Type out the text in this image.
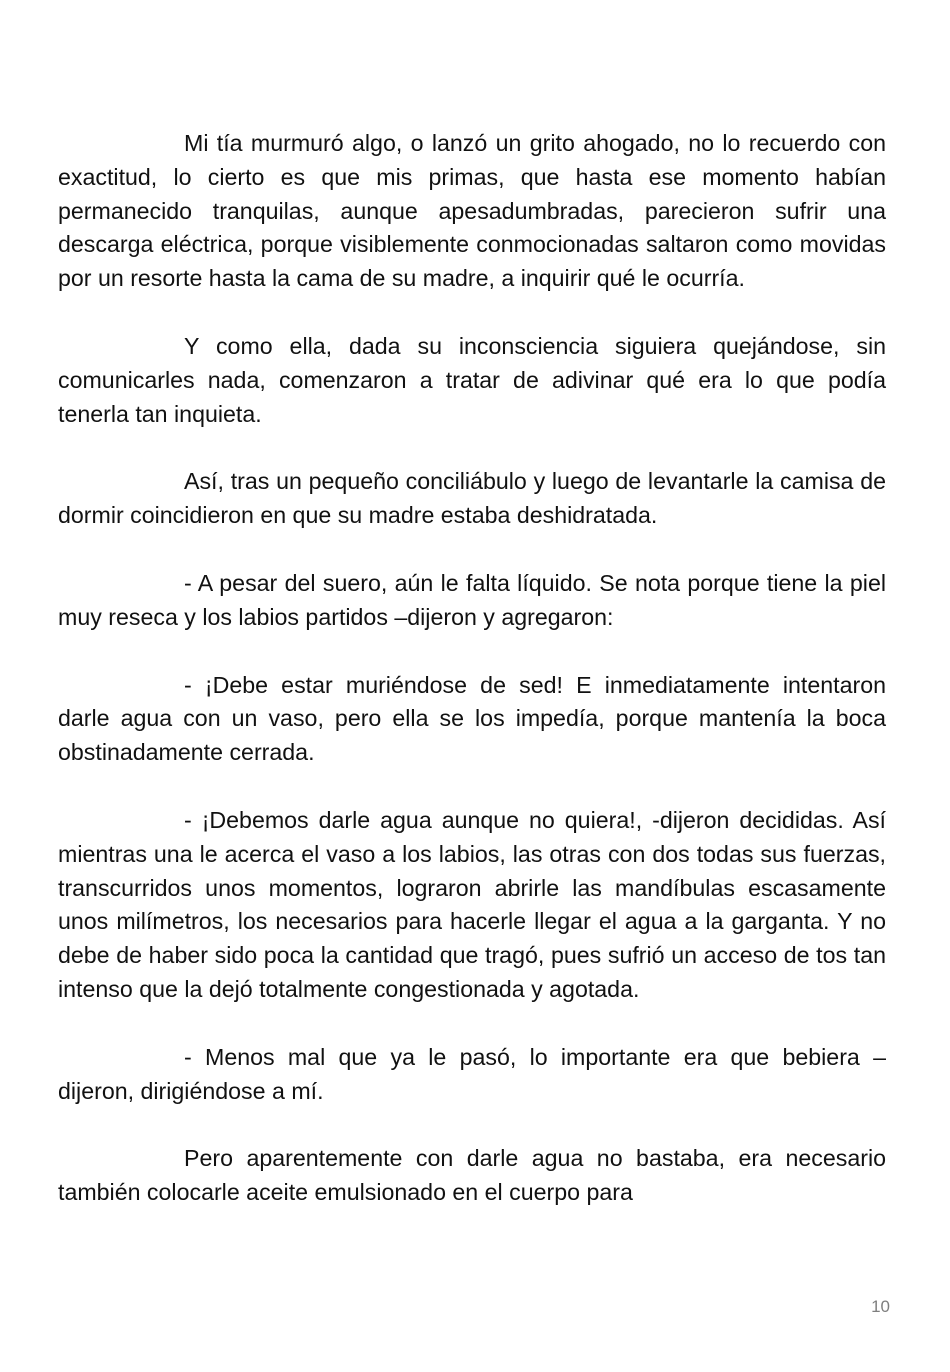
Mi tía murmuró algo, o lanzó un grito ahogado, no lo recuerdo con exactitud, lo cierto es que mis primas, que hasta ese momento habían permanecido tranquilas, aunque apesadumbradas, parecieron sufrir una descarga eléctrica, porque visiblemente conmocionadas saltaron como movidas por un resorte hasta la cama de su madre, a inquirir qué le ocurría.

Y como ella, dada su inconsciencia siguiera quejándose, sin comunicarles nada, comenzaron a tratar de adivinar qué era lo que podía tenerla tan inquieta.

Así, tras un pequeño conciliábulo y luego de levantarle la camisa de dormir coincidieron en que su madre estaba deshidratada.

- A pesar del suero, aún le falta líquido. Se nota porque tiene la piel muy reseca y los labios partidos –dijeron y agregaron:

- ¡Debe estar muriéndose de sed! E inmediatamente intentaron darle agua con un vaso, pero ella se los impedía, porque mantenía la boca obstinadamente cerrada.

- ¡Debemos darle agua aunque no quiera!, -dijeron decididas. Así mientras una le acerca el vaso a los labios, las otras con dos todas sus fuerzas, transcurridos unos momentos, lograron abrirle las mandíbulas escasamente unos milímetros, los necesarios para hacerle llegar el agua a la garganta. Y no debe de haber sido poca la cantidad que tragó, pues sufrió un acceso de tos tan intenso que la dejó totalmente congestionada y agotada.

- Menos mal que ya le pasó, lo importante era que bebiera – dijeron, dirigiéndose a mí.

Pero aparentemente con darle agua no bastaba, era necesario también colocarle aceite emulsionado en el cuerpo para

10
